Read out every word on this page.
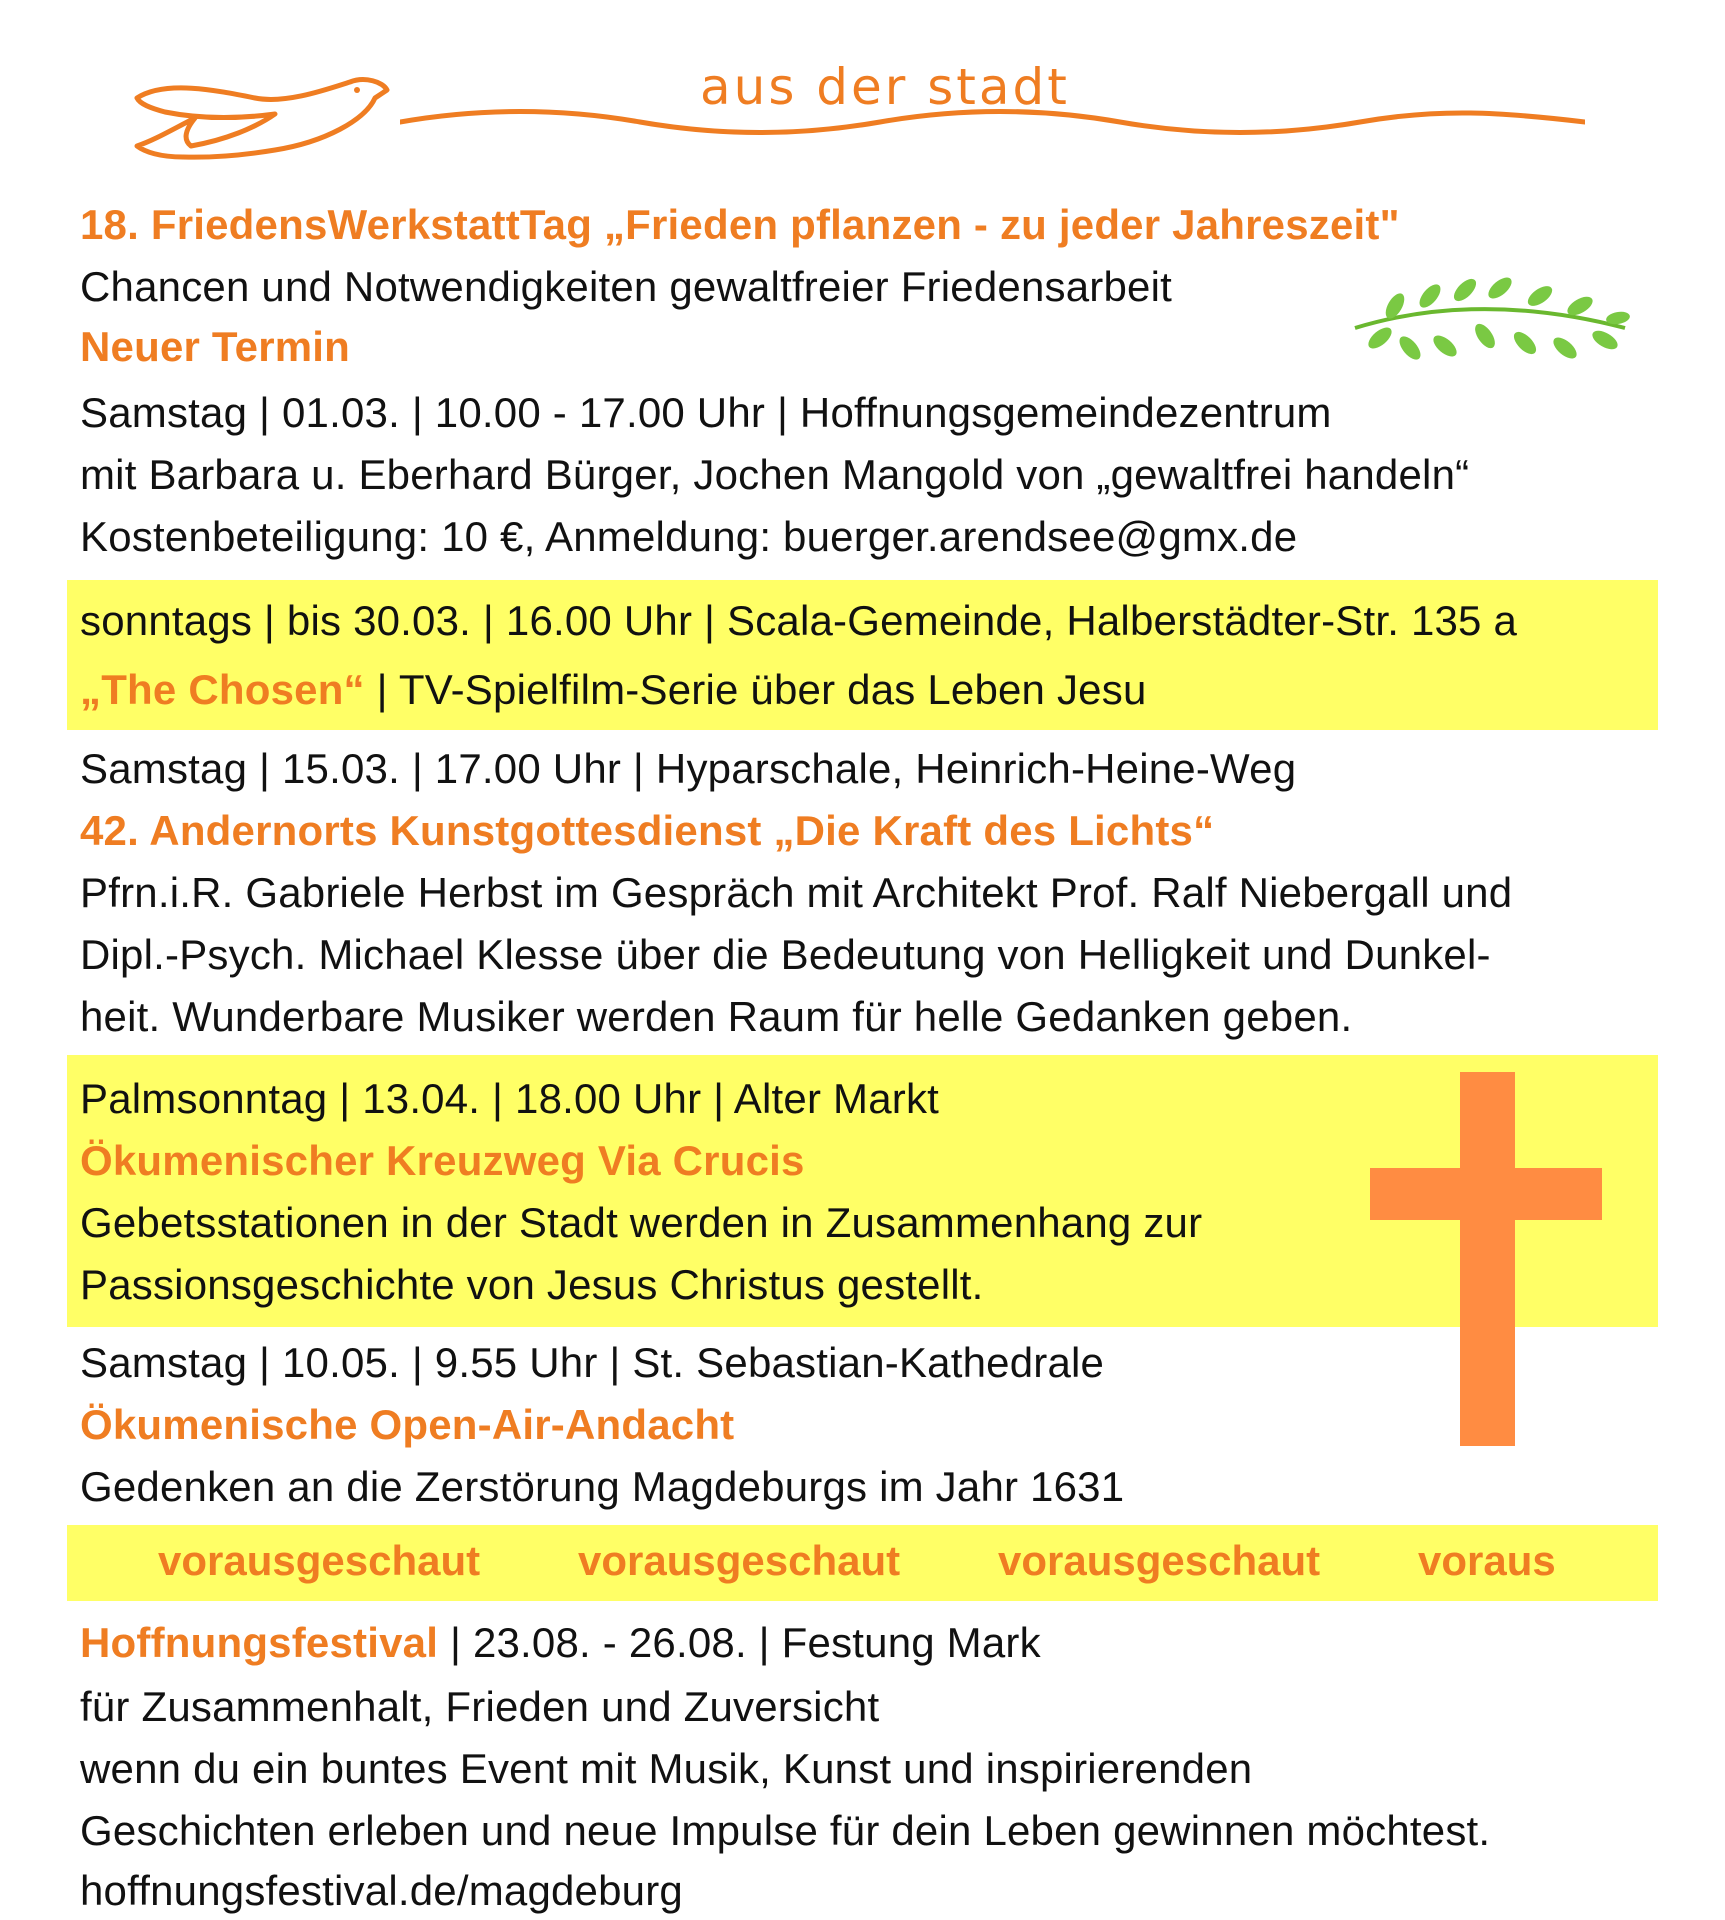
aus der stadt
18. FriedensWerkstattTag „Frieden pflanzen - zu jeder Jahreszeit"
Chancen und Notwendigkeiten gewaltfreier Friedensarbeit
Neuer Termin
Samstag | 01.03. | 10.00 - 17.00 Uhr | Hoffnungsgemeindezentrum
mit Barbara u. Eberhard Bürger, Jochen Mangold von „gewaltfrei handeln“
Kostenbeteiligung: 10 €, Anmeldung: buerger.arendsee@gmx.de
sonntags | bis 30.03. | 16.00 Uhr | Scala-Gemeinde, Halberstädter-Str. 135 a
„The Chosen“ | TV-Spielfilm-Serie über das Leben Jesu
Samstag | 15.03. | 17.00 Uhr | Hyparschale, Heinrich-Heine-Weg
42. Andernorts Kunstgottesdienst „Die Kraft des Lichts“
Pfrn.i.R. Gabriele Herbst im Gespräch mit Architekt Prof. Ralf Niebergall und
Dipl.-Psych. Michael Klesse über die Bedeutung von Helligkeit und Dunkel-
heit. Wunderbare Musiker werden Raum für helle Gedanken geben.
Palmsonntag | 13.04. | 18.00 Uhr | Alter Markt
Ökumenischer Kreuzweg Via Crucis
Gebetsstationen in der Stadt werden in Zusammenhang zur
Passionsgeschichte von Jesus Christus gestellt.
Samstag | 10.05. | 9.55 Uhr | St. Sebastian-Kathedrale
Ökumenische Open-Air-Andacht
Gedenken an die Zerstörung Magdeburgs im Jahr 1631
vorausgeschaut vorausgeschaut vorausgeschaut voraus
Hoffnungsfestival | 23.08. - 26.08. | Festung Mark
für Zusammenhalt, Frieden und Zuversicht
wenn du ein buntes Event mit Musik, Kunst und inspirierenden
Geschichten erleben und neue Impulse für dein Leben gewinnen möchtest.
hoffnungsfestival.de/magdeburg
